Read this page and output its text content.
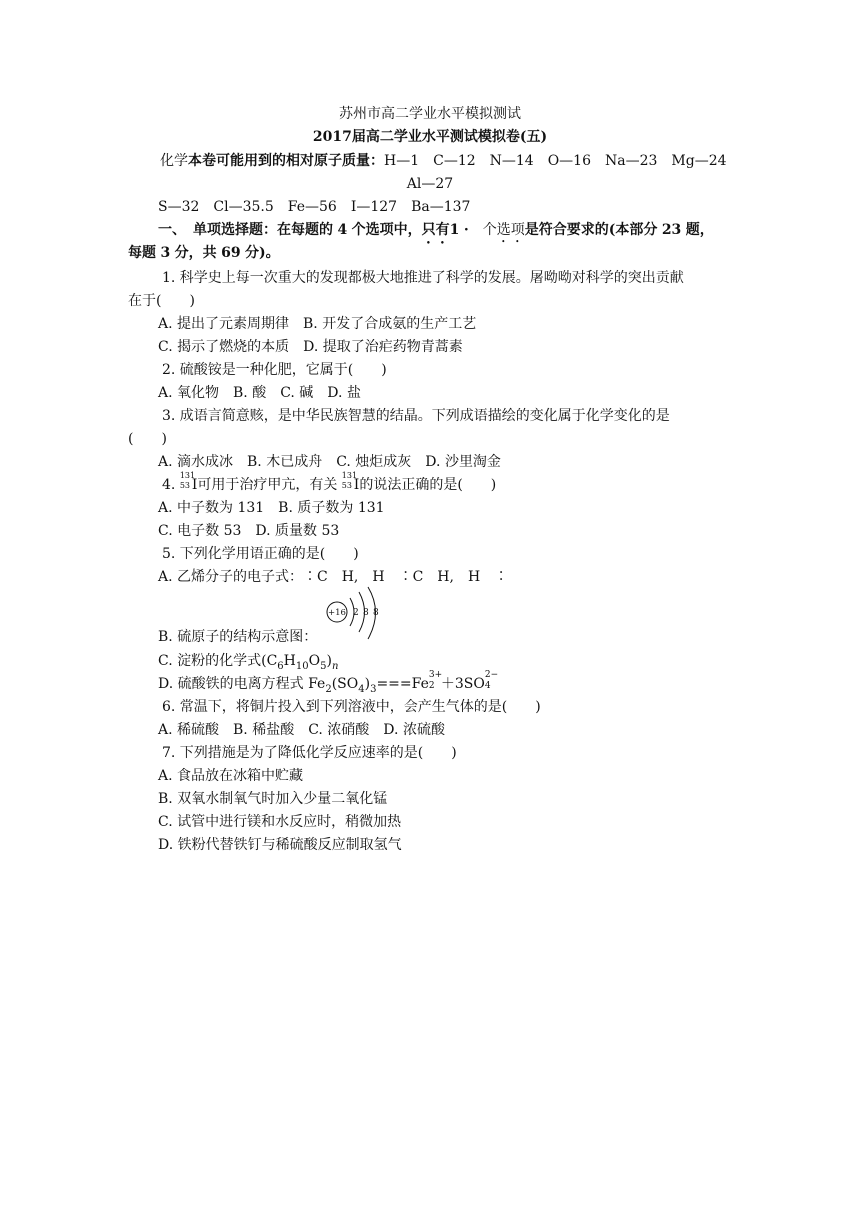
苏州市高二学业水平模拟测试
2017届高二学业水平测试模拟卷(五)
化学本卷可能用到的相对原子质量：H—1　C—12　N—14　O—16　Na—23　Mg—24
Al—27
S—32　Cl—35.5　Fe—56　I—127　Ba—137
一、　单项选择题：在每题的 4 个选项中，只有1 ·　 个选项是符合要求的(本部分 23 题，
每题 3 分，共 69 分)。
1. 科学史上每一次重大的发现都极大地推进了科学的发展。屠呦呦对科学的突出贡献
在于(　　)
A. 提出了元素周期律　B. 开发了合成氨的生产工艺
C. 揭示了燃烧的本质　D. 提取了治疟药物青蒿素
2. 硫酸铵是一种化肥，它属于(　　)
A. 氧化物　B. 酸　C. 碱　D. 盐
3. 成语言简意赅，是中华民族智慧的结晶。下列成语描绘的变化属于化学变化的是
(　　)
A. 滴水成冰　B. 木已成舟　C. 烛炬成灰　D. 沙里淘金
4.
131
53 I可用于治疗甲亢，有关
131
53 I的说法正确的是(　　)
A. 中子数为 131　B. 质子数为 131
C. 电子数 53　D. 质量数 53
5. 下列化学用语正确的是(　　)
A. 乙烯分子的电子式：∶C　H,　H　∶C　H,　H　∶
+16 2 8 8
B. 硫原子的结构示意图：
C. 淀粉的化学式$(C_6H_{10}O_5)_n$
D. 硫酸铁的电离方程式 $Fe_2(SO_4)_3===Fe$
3+
2 ＋3SO
2−
4
6. 常温下，将铜片投入到下列溶液中，会产生气体的是(　　)
A. 稀硫酸　B. 稀盐酸　C. 浓硝酸　D. 浓硫酸
7. 下列措施是为了降低化学反应速率的是(　　)
A. 食品放在冰箱中贮藏
B. 双氧水制氧气时加入少量二氧化锰
C. 试管中进行镁和水反应时，稍微加热
D. 铁粉代替铁钉与稀硫酸反应制取氢气
